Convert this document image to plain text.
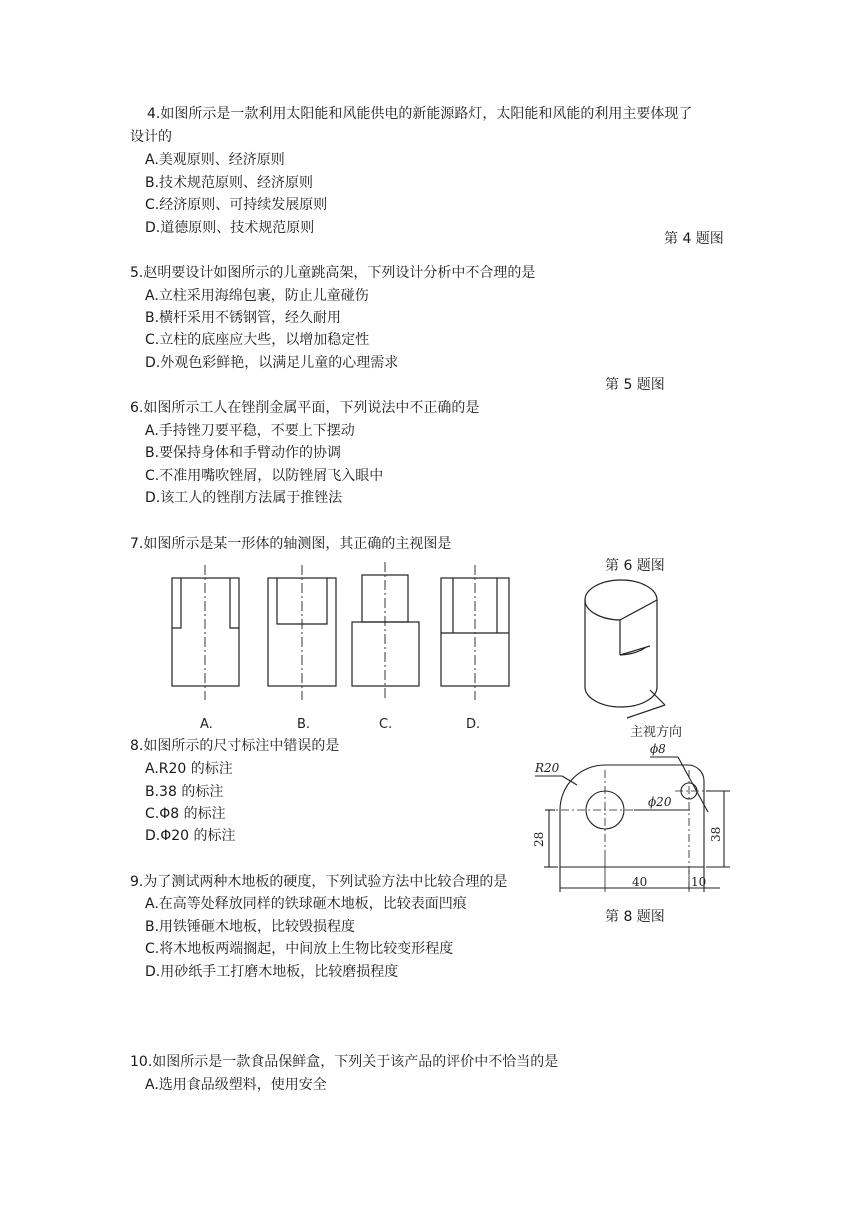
4.如图所示是一款利用太阳能和风能供电的新能源路灯，太阳能和风能的利用主要体现了
设计的
A.美观原则、经济原则
B.技术规范原则、经济原则
C.经济原则、可持续发展原则
D.道德原则、技术规范原则
第 4 题图
5.赵明要设计如图所示的儿童跳高架，下列设计分析中不合理的是
A.立柱采用海绵包裹，防止儿童碰伤
B.横杆采用不锈钢管，经久耐用
C.立柱的底座应大些，以增加稳定性
D.外观色彩鲜艳，以满足儿童的心理需求
第 5 题图
6.如图所示工人在锉削金属平面，下列说法中不正确的是
A.手持锉刀要平稳，不要上下摆动
B.要保持身体和手臂动作的协调
C.不准用嘴吹锉屑，以防锉屑飞入眼中
D.该工人的锉削方法属于推锉法
7.如图所示是某一形体的轴测图，其正确的主视图是
第 6 题图
A.	B.	C.	D.
主视方向
R20
ϕ8
ϕ20
28	38
40	10
8.如图所示的尺寸标注中错误的是
A.R20 的标注
B.38 的标注
C.Φ8 的标注
D.Φ20 的标注
9.为了测试两种木地板的硬度，下列试验方法中比较合理的是
第 8 题图
A.在高等处释放同样的铁球砸木地板，比较表面凹痕
B.用铁锤砸木地板，比较毁损程度
C.将木地板两端搁起，中间放上生物比较变形程度
D.用砂纸手工打磨木地板，比较磨损程度
10.如图所示是一款食品保鲜盒，下列关于该产品的评价中不恰当的是
A.选用食品级塑料，使用安全
